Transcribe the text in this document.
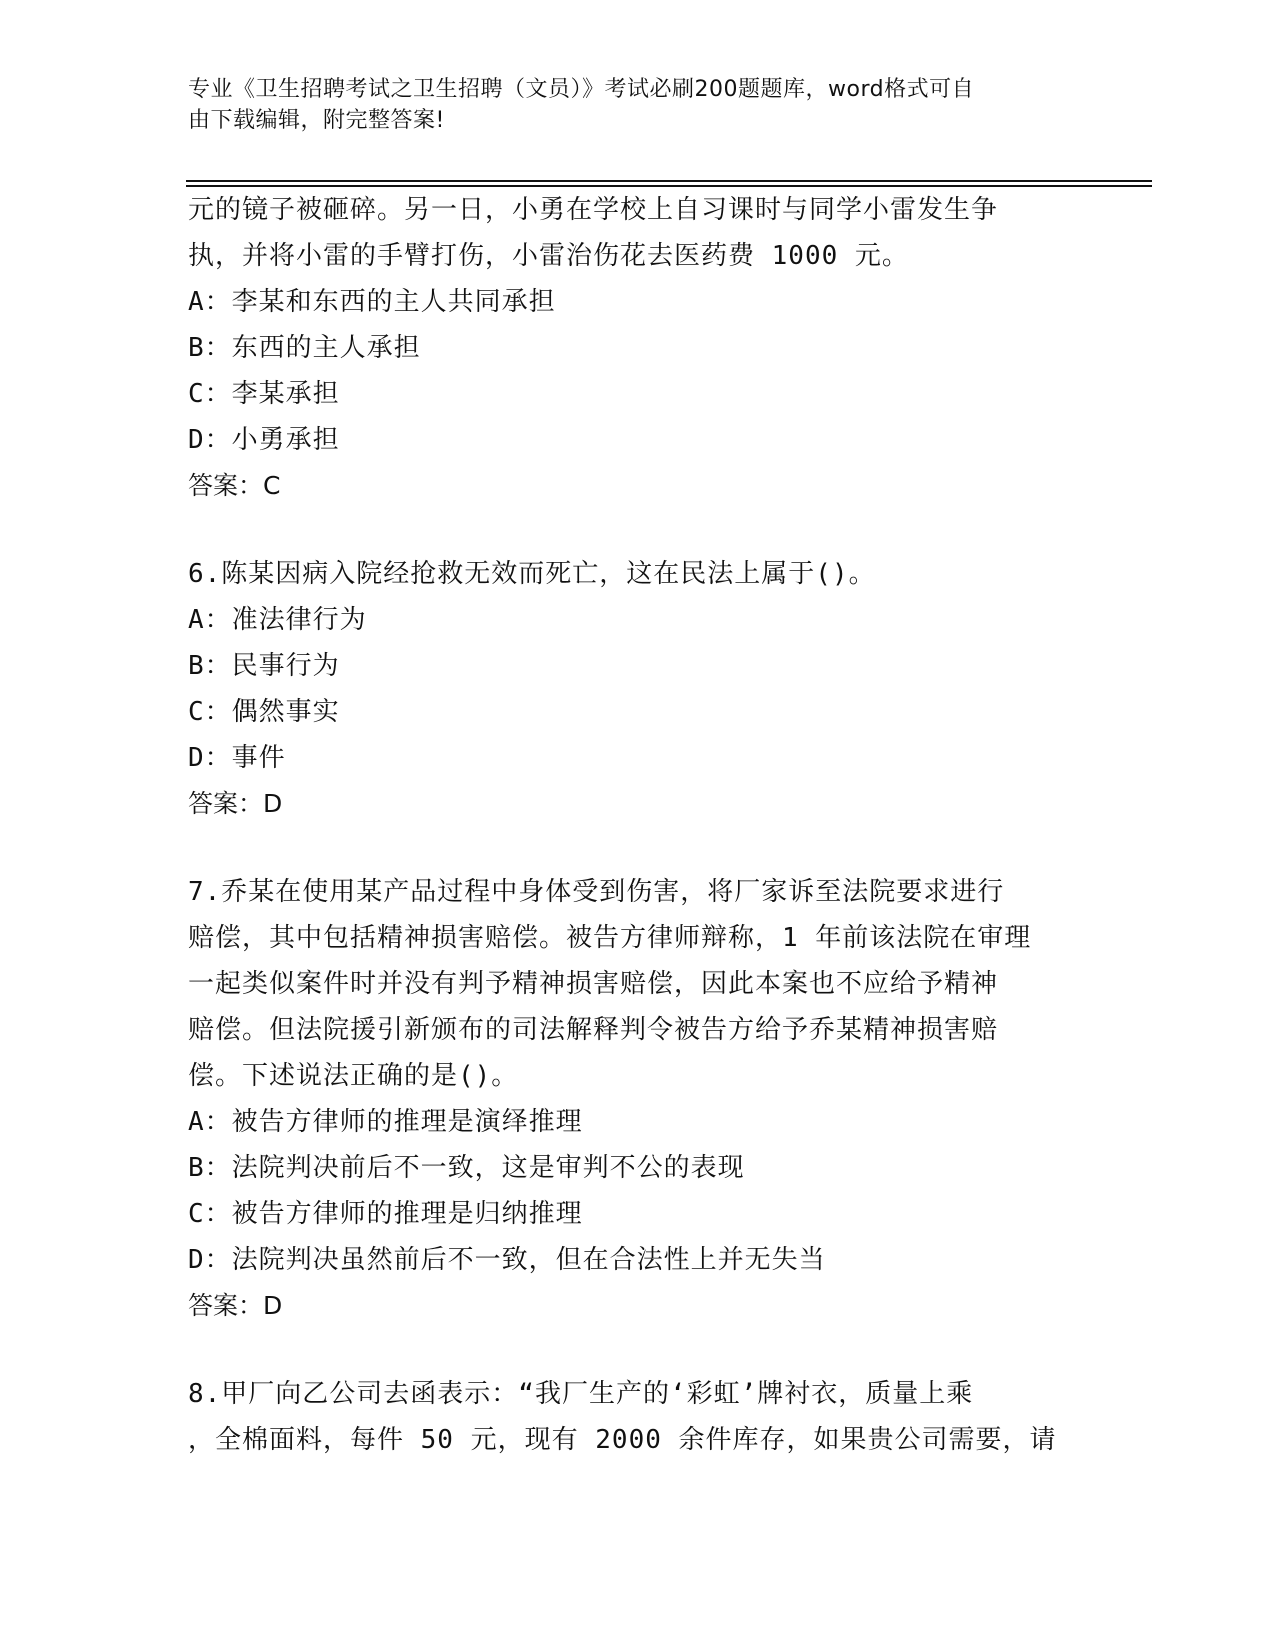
专业《卫生招聘考试之卫生招聘（文员）》考试必刷200题题库，word格式可自
由下载编辑，附完整答案!
元的镜子被砸碎。另一日，小勇在学校上自习课时与同学小雷发生争
执，并将小雷的手臂打伤，小雷治伤花去医药费 1000 元。
A：李某和东西的主人共同承担
B：东西的主人承担
C：李某承担
D：小勇承担
答案：C
6.陈某因病入院经抢救无效而死亡，这在民法上属于()。
A：准法律行为
B：民事行为
C：偶然事实
D：事件
答案：D
7.乔某在使用某产品过程中身体受到伤害，将厂家诉至法院要求进行
赔偿，其中包括精神损害赔偿。被告方律师辩称，1 年前该法院在审理
一起类似案件时并没有判予精神损害赔偿，因此本案也不应给予精神
赔偿。但法院援引新颁布的司法解释判令被告方给予乔某精神损害赔
偿。下述说法正确的是()。
A：被告方律师的推理是演绎推理
B：法院判决前后不一致，这是审判不公的表现
C：被告方律师的推理是归纳推理
D：法院判决虽然前后不一致，但在合法性上并无失当
答案：D
8.甲厂向乙公司去函表示：“我厂生产的‘彩虹’牌衬衣，质量上乘
，全棉面料，每件 50 元，现有 2000 余件库存，如果贵公司需要，请
